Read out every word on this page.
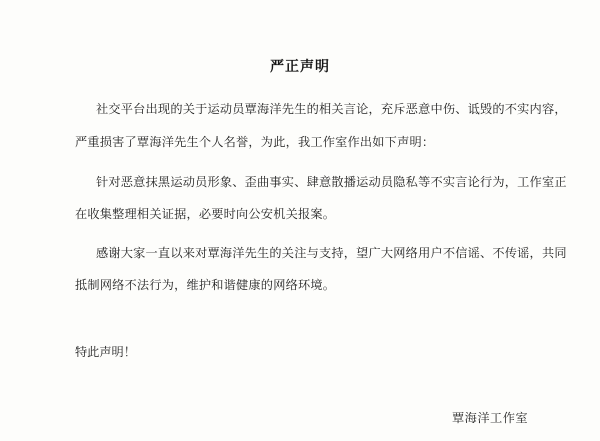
严正声明
社交平台出现的关于运动员覃海洋先生的相关言论，充斥恶意中伤、诋毁的不实内容，
严重损害了覃海洋先生个人名誉，为此，我工作室作出如下声明：
针对恶意抹黑运动员形象、歪曲事实、肆意散播运动员隐私等不实言论行为，工作室正
在收集整理相关证据，必要时向公安机关报案。
感谢大家一直以来对覃海洋先生的关注与支持，望广大网络用户不信谣、不传谣，共同
抵制网络不法行为，维护和谐健康的网络环境。
特此声明！
覃海洋工作室
